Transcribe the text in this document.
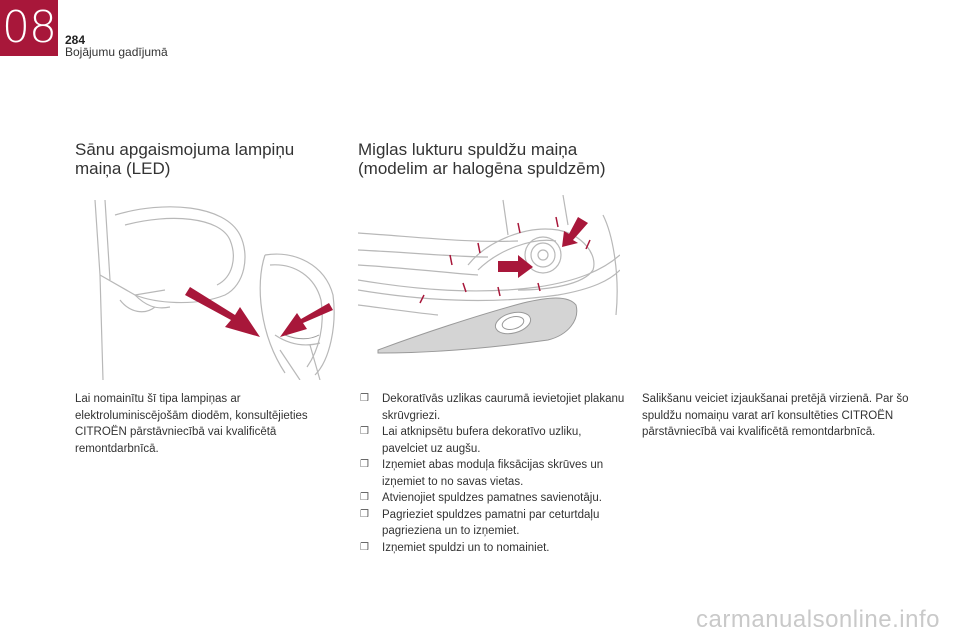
08 284
Bojājumu gadījumā
Sānu apgaismojuma lampiņu maiņa (LED)
Miglas lukturu spuldžu maiņa (modelim ar halogēna spuldzēm)
Lai nomainītu šī tipa lampiņas ar elektroluminiscējošām diodēm, konsultējieties CITROËN pārstāvniecībā vai kvalificētā remontdarbnīcā.
❒ Dekoratīvās uzlikas caurumā ievietojiet plakanu skrūvgriezi.
❒ Lai atknipsētu bufera dekoratīvo uzliku, pavelciet uz augšu.
❒ Izņemiet abas moduļa fiksācijas skrūves un izņemiet to no savas vietas.
❒ Atvienojiet spuldzes pamatnes savienotāju.
❒ Pagrieziet spuldzes pamatni par ceturtdaļu pagrieziena un to izņemiet.
❒ Izņemiet spuldzi un to nomainiet.
Salikšanu veiciet izjaukšanai pretējā virzienā. Par šo spuldžu nomaiņu varat arī konsultēties CITROËN pārstāvniecībā vai kvalificētā remontdarbnīcā.
carmanualsonline.info
